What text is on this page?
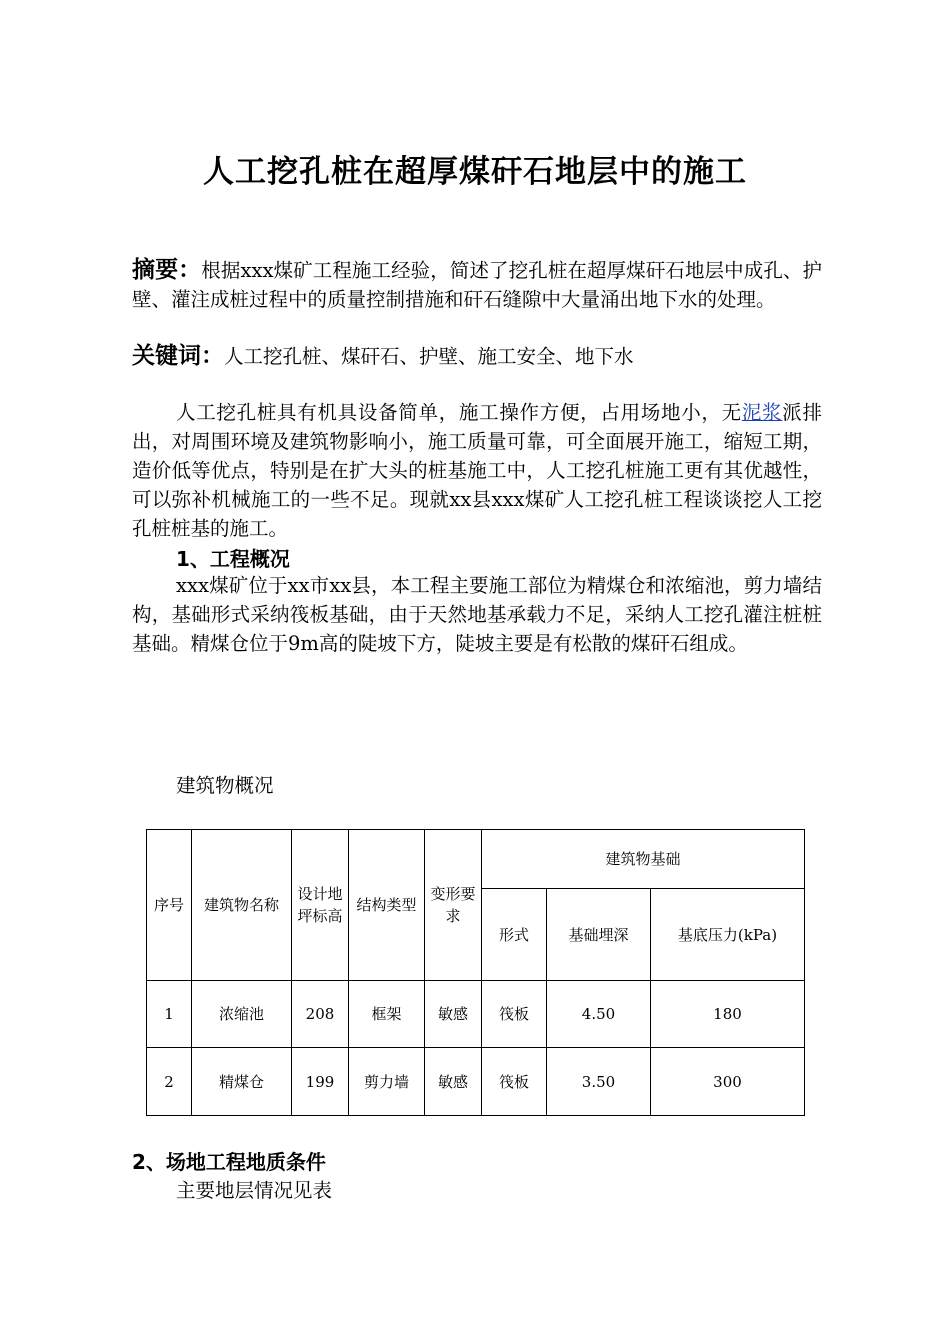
人工挖孔桩在超厚煤矸石地层中的施工

摘要：根据xxx煤矿工程施工经验，简述了挖孔桩在超厚煤矸石地层中成孔、护壁、灌注成桩过程中的质量控制措施和矸石缝隙中大量涌出地下水的处理。

关键词：人工挖孔桩、煤矸石、护壁、施工安全、地下水

人工挖孔桩具有机具设备简单，施工操作方便，占用场地小，无泥浆派排出，对周围环境及建筑物影响小，施工质量可靠，可全面展开施工，缩短工期，造价低等优点，特别是在扩大头的桩基施工中，人工挖孔桩施工更有其优越性，可以弥补机械施工的一些不足。现就xx县xxx煤矿人工挖孔桩工程谈谈挖人工挖孔桩桩基的施工。

1、工程概况

xxx煤矿位于xx市xx县，本工程主要施工部位为精煤仓和浓缩池，剪力墙结构，基础形式采纳筏板基础，由于天然地基承载力不足，采纳人工挖孔灌注桩桩基础。精煤仓位于9m高的陡坡下方，陡坡主要是有松散的煤矸石组成。

建筑物概况
序号	建筑物名称	设计地坪标高	结构类型	变形要求	建筑物基础		
					形式	基础埋深	基底压力(kPa)
1	浓缩池	208	框架	敏感	筏板	4.50	180
2	精煤仓	199	剪力墙	敏感	筏板	3.50	300
2、场地工程地质条件
主要地层情况见表
